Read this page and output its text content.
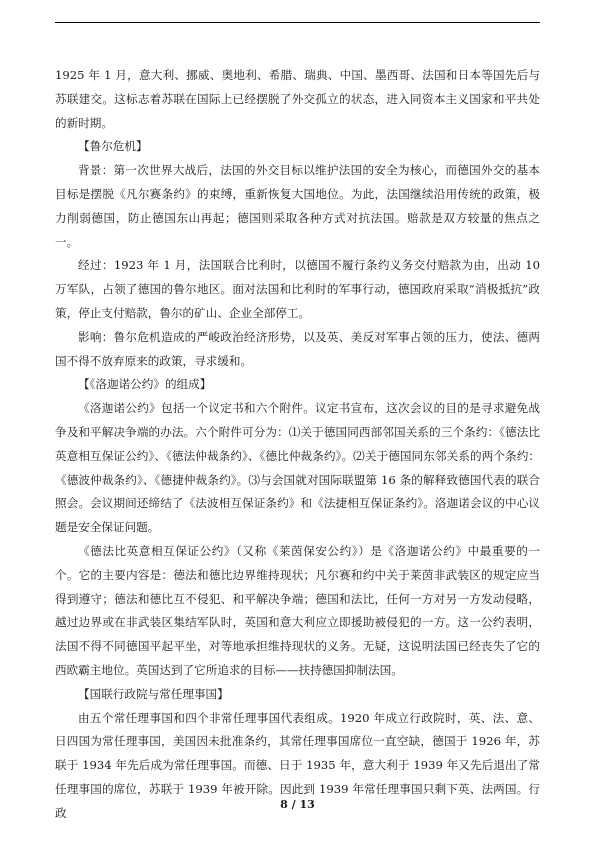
1925 年 1 月，意大利、挪威、奥地利、希腊、瑞典、中国、墨西哥、法国和日本等国先后与苏联建交。这标志着苏联在国际上已经摆脱了外交孤立的状态，进入同资本主义国家和平共处的新时期。

【鲁尔危机】

背景：第一次世界大战后，法国的外交目标以维护法国的安全为核心，而德国外交的基本目标是摆脱《凡尔赛条约》的束缚，重新恢复大国地位。为此，法国继续沿用传统的政策，极力削弱德国，防止德国东山再起；德国则采取各种方式对抗法国。赔款是双方较量的焦点之一。

经过：1923 年 1 月，法国联合比利时，以德国不履行条约义务交付赔款为由，出动 10 万军队，占领了德国的鲁尔地区。面对法国和比利时的军事行动，德国政府采取“消极抵抗”政策，停止支付赔款，鲁尔的矿山、企业全部停工。

影响：鲁尔危机造成的严峻政治经济形势，以及英、美反对军事占领的压力，使法、德两国不得不放弃原来的政策，寻求缓和。

【《洛迦诺公约》的组成】

《洛迦诺公约》包括一个议定书和六个附件。议定书宣布，这次会议的目的是寻求避免战争及和平解决争端的办法。六个附件可分为：⑴关于德国同西部邻国关系的三个条约：《德法比英意相互保证公约》、《德法仲裁条约》、《德比仲裁条约》。⑵关于德国同东邻关系的两个条约：《德波仲裁条约》、《德捷仲裁条约》。⑶与会国就对国际联盟第 16 条的解释致德国代表的联合照会。会议期间还缔结了《法波相互保证条约》和《法捷相互保证条约》。洛迦诺会议的中心议题是安全保证问题。

《德法比英意相互保证公约》（又称《莱茵保安公约》）是《洛迦诺公约》中最重要的一个。它的主要内容是：德法和德比边界维持现状；凡尔赛和约中关于莱茵非武装区的规定应当得到遵守；德法和德比互不侵犯、和平解决争端；德国和法比，任何一方对另一方发动侵略，越过边界或在非武装区集结军队时，英国和意大利应立即援助被侵犯的一方。这一公约表明，法国不得不同德国平起平坐，对等地承担维持现状的义务。无疑，这说明法国已经丧失了它的西欧霸主地位。英国达到了它所追求的目标——扶持德国抑制法国。

【国联行政院与常任理事国】

由五个常任理事国和四个非常任理事国代表组成。1920 年成立行政院时，英、法、意、日四国为常任理事国，美国因未批准条约，其常任理事国席位一直空缺，德国于 1926 年，苏联于 1934 年先后成为常任理事国。而德、日于 1935 年，意大利于 1939 年又先后退出了常任理事国的席位，苏联于 1939 年被开除。因此到 1939 年常任理事国只剩下英、法两国。行政

8 / 13
